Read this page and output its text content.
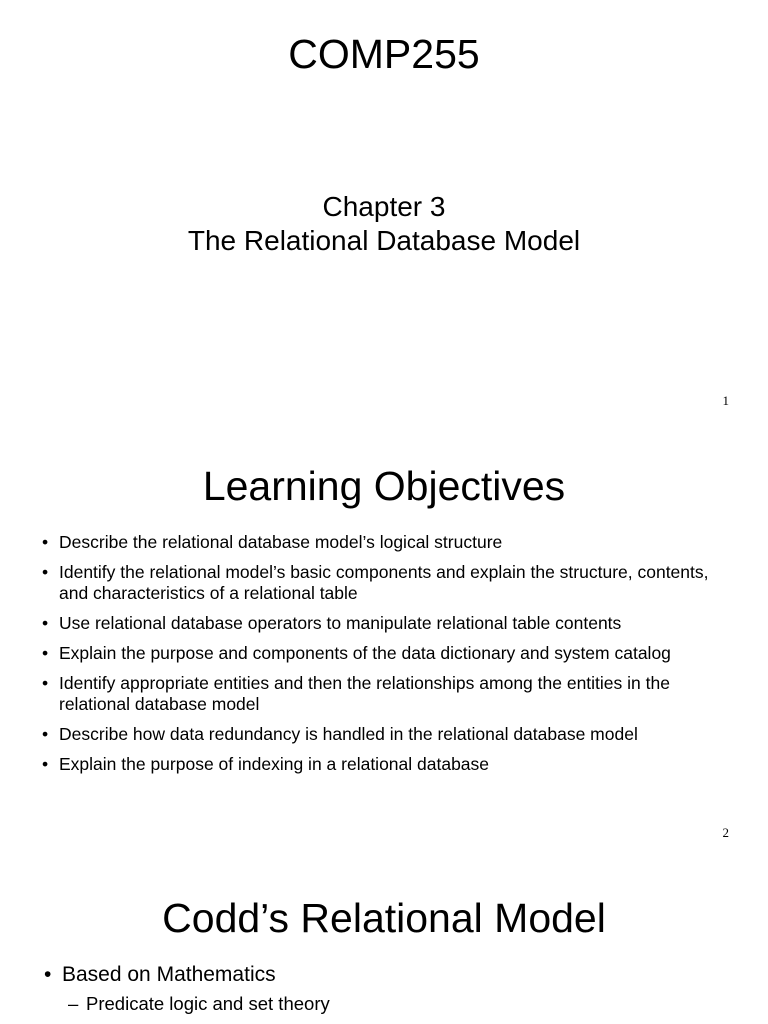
COMP255
Chapter 3
The Relational Database Model
1
Learning Objectives
• Describe the relational database model’s logical structure
• Identify the relational model’s basic components and explain the structure, contents, and characteristics of a relational table
• Use relational database operators to manipulate relational table contents
• Explain the purpose and components of the data dictionary and system catalog
• Identify appropriate entities and then the relationships among the entities in the relational database model
• Describe how data redundancy is handled in the relational database model
• Explain the purpose of indexing in a relational database
2
Codd’s Relational Model
• Based on Mathematics
– Predicate logic and set theory
